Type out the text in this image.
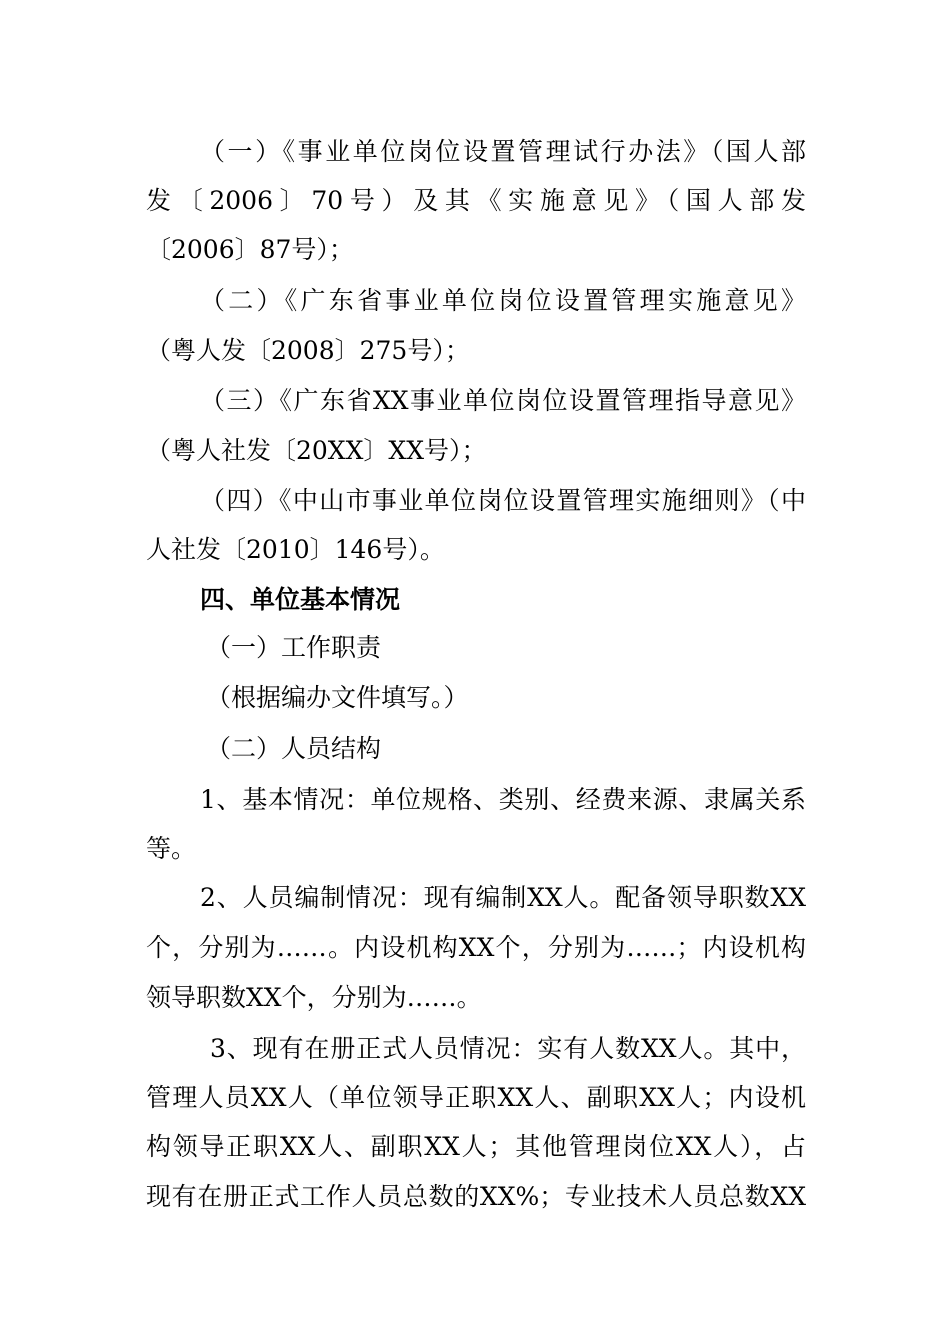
（一）《事业单位岗位设置管理试行办法》（国人部
发〔2006〕70号）及其《实施意见》（国人部发
〔2006〕87号）；
（二）《广东省事业单位岗位设置管理实施意见》
（粤人发〔2008〕275号）；
（三）《广东省XX事业单位岗位设置管理指导意见》
（粤人社发〔20XX〕XX号）；
（四）《中山市事业单位岗位设置管理实施细则》（中
人社发〔2010〕146号）。
四、单位基本情况
（一）工作职责
（根据编办文件填写。）
（二）人员结构
1、基本情况：单位规格、类别、经费来源、隶属关系
等。
2、人员编制情况：现有编制XX人。配备领导职数XX
个，分别为……。内设机构XX个，分别为……；内设机构
领导职数XX个，分别为……。
3、现有在册正式人员情况：实有人数XX人。其中，
管理人员XX人（单位领导正职XX人、副职XX人；内设机
构领导正职XX人、副职XX人；其他管理岗位XX人），占
现有在册正式工作人员总数的XX%；专业技术人员总数XX
